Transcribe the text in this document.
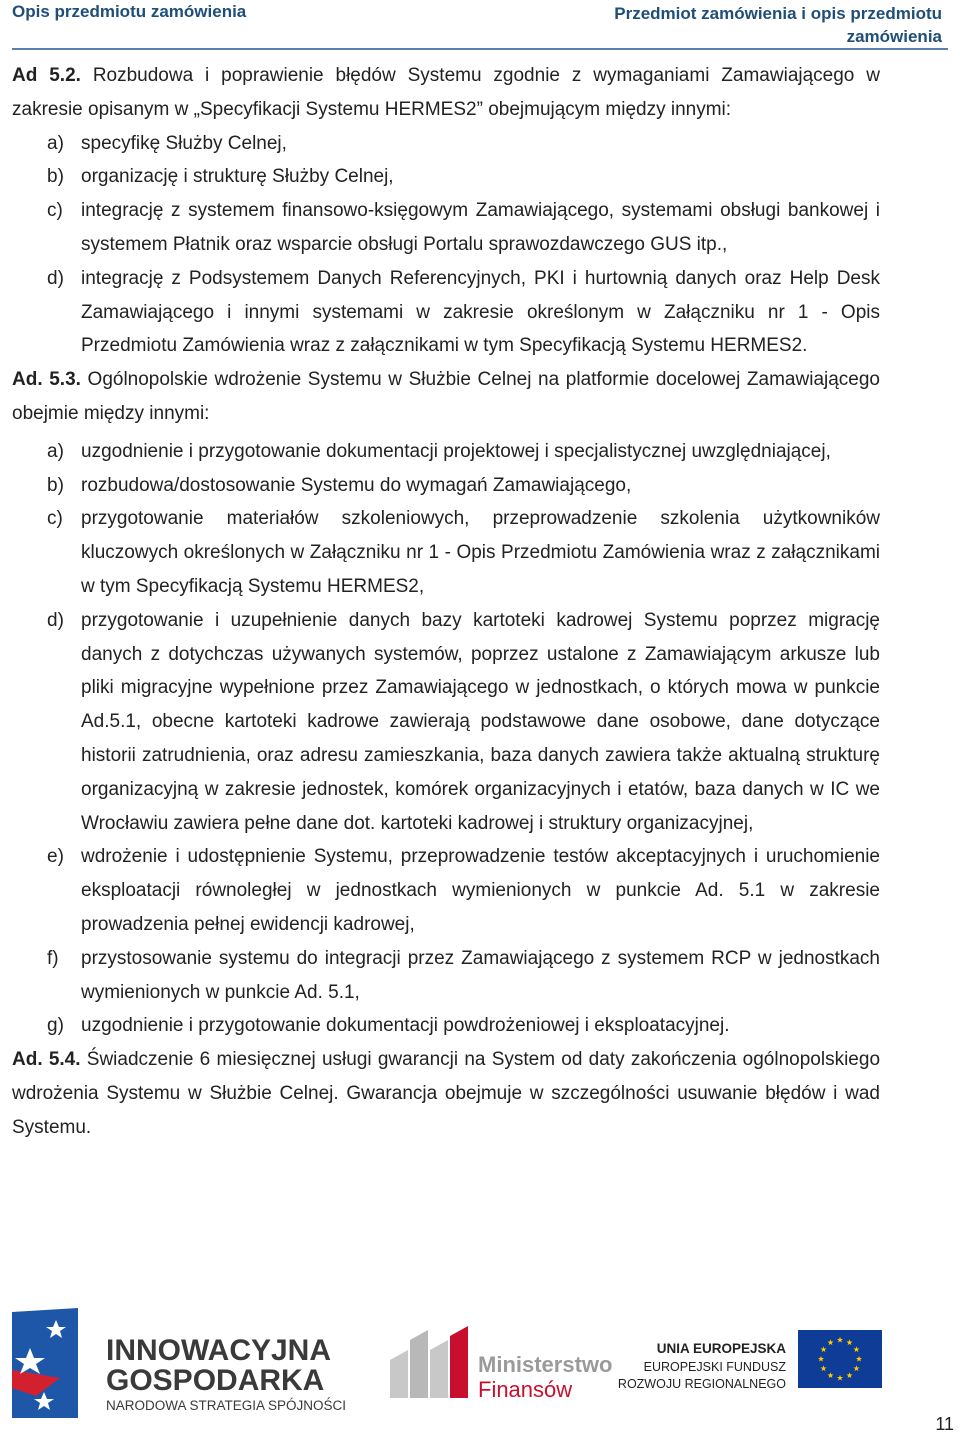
Opis przedmiotu zamówienia	Przedmiot zamówienia i opis przedmiotu zamówienia

Ad 5.2. Rozbudowa i poprawienie błędów Systemu zgodnie z wymaganiami Zamawiającego w zakresie opisanym w „Specyfikacji Systemu HERMES2” obejmującym między innymi:

a) specyfikę Służby Celnej,
b) organizację i strukturę Służby Celnej,
c) integrację z systemem finansowo-księgowym Zamawiającego, systemami obsługi bankowej i systemem Płatnik oraz wsparcie obsługi Portalu sprawozdawczego GUS itp.,
d) integrację z Podsystemem Danych Referencyjnych, PKI i hurtownią danych oraz Help Desk Zamawiającego i innymi systemami w zakresie określonym w Załączniku nr 1 - Opis Przedmiotu Zamówienia wraz z załącznikami w tym Specyfikacją Systemu HERMES2.

Ad. 5.3. Ogólnopolskie wdrożenie Systemu w Służbie Celnej na platformie docelowej Zamawiającego obejmie między innymi:

a) uzgodnienie i przygotowanie dokumentacji projektowej i specjalistycznej uwzględniającej,
b) rozbudowa/dostosowanie Systemu do wymagań Zamawiającego,
c) przygotowanie materiałów szkoleniowych, przeprowadzenie szkolenia użytkowników kluczowych określonych w Załączniku nr 1 - Opis Przedmiotu Zamówienia wraz z załącznikami w tym Specyfikacją Systemu HERMES2,
d) przygotowanie i uzupełnienie danych bazy kartoteki kadrowej Systemu poprzez migrację danych z dotychczas używanych systemów, poprzez ustalone z Zamawiającym arkusze lub pliki migracyjne wypełnione przez Zamawiającego w jednostkach, o których mowa w punkcie Ad.5.1, obecne kartoteki kadrowe zawierają podstawowe dane osobowe, dane dotyczące historii zatrudnienia, oraz adresu zamieszkania, baza danych zawiera także aktualną strukturę organizacyjną w zakresie jednostek, komórek organizacyjnych i etatów, baza danych w IC we Wrocławiu zawiera pełne dane dot. kartoteki kadrowej i struktury organizacyjnej,
e) wdrożenie i udostępnienie Systemu, przeprowadzenie testów akceptacyjnych i uruchomienie eksploatacji równoległej w jednostkach wymienionych w punkcie Ad. 5.1 w zakresie prowadzenia pełnej ewidencji kadrowej,
f) przystosowanie systemu do integracji przez Zamawiającego z systemem RCP w jednostkach wymienionych w punkcie Ad. 5.1,
g) uzgodnienie i przygotowanie dokumentacji powdrożeniowej i eksploatacyjnej.

Ad. 5.4. Świadczenie 6 miesięcznej usługi gwarancji na System od daty zakończenia ogólnopolskiego wdrożenia Systemu w Służbie Celnej. Gwarancja obejmuje w szczególności usuwanie błędów i wad Systemu.

INNOWACYJNA
GOSPODARKA
NARODOWA STRATEGIA SPÓJNOŚCI
Ministerstwo
Finansów
UNIA EUROPEJSKA
EUROPEJSKI FUNDUSZ
ROZWOJU REGIONALNEGO
11
